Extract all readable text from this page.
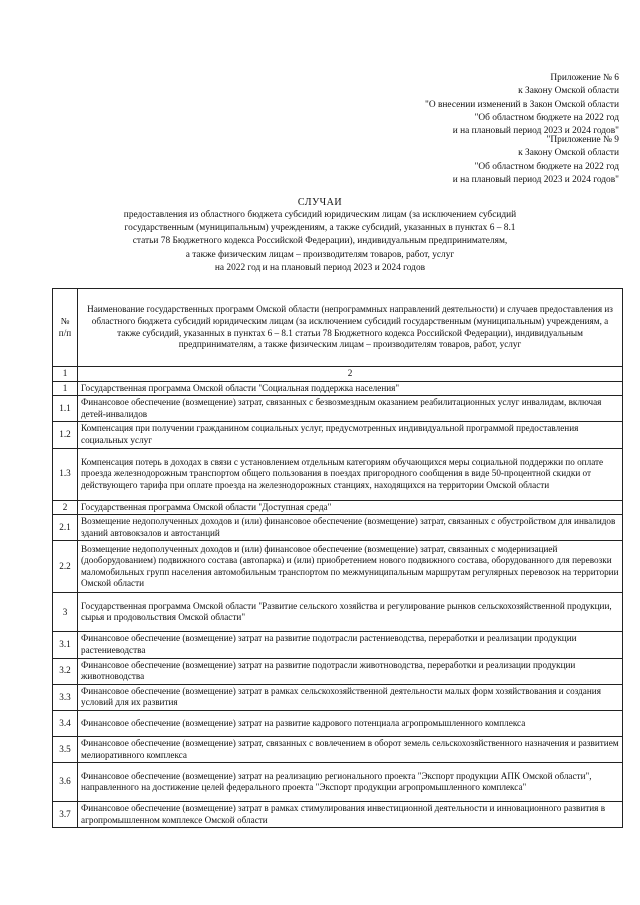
Приложение № 6
к Закону Омской области
"О внесении изменений в Закон Омской области
"Об областном бюджете на 2022 год
и на плановый период 2023 и 2024 годов"
"Приложение № 9
к Закону Омской области
"Об областном бюджете на 2022 год
и на плановый период 2023 и 2024 годов"
СЛУЧАИ
предоставления из областного бюджета субсидий юридическим лицам (за исключением субсидий
государственным (муниципальным) учреждениям, а также субсидий, указанных в пунктах 6 – 8.1
статьи 78 Бюджетного кодекса Российской Федерации), индивидуальным предпринимателям,
а также физическим лицам – производителям товаров, работ, услуг
на 2022 год и на плановый период 2023 и 2024 годов
№
п/п	Наименование государственных программ Омской области (непрограммных направлений деятельности) и случаев предоставления из областного бюджета субсидий юридическим лицам (за исключением субсидий государственным (муниципальным) учреждениям, а также субсидий, указанных в пунктах 6 – 8.1 статьи 78 Бюджетного кодекса Российской Федерации), индивидуальным предпринимателям, а также физическим лицам – производителям товаров, работ, услуг
1	2
1	Государственная программа Омской области "Социальная поддержка населения"
1.1	Финансовое обеспечение (возмещение) затрат, связанных с безвозмездным оказанием реабилитационных услуг инвалидам, включая детей-инвалидов
1.2	Компенсация при получении гражданином социальных услуг, предусмотренных индивидуальной программой предоставления социальных услуг
1.3	Компенсация потерь в доходах в связи с установлением отдельным категориям обучающихся меры социальной поддержки по оплате проезда железнодорожным транспортом общего пользования в поездах пригородного сообщения в виде 50-процентной скидки от действующего тарифа при оплате проезда на железнодорожных станциях, находящихся на территории Омской области
2	Государственная программа Омской области "Доступная среда"
2.1	Возмещение недополученных доходов и (или) финансовое обеспечение (возмещение) затрат, связанных с обустройством для инвалидов зданий автовокзалов и автостанций
2.2	Возмещение недополученных доходов и (или) финансовое обеспечение (возмещение) затрат, связанных с модернизацией (дооборудованием) подвижного состава (автопарка) и (или) приобретением нового подвижного состава, оборудованного для перевозки маломобильных групп населения автомобильным транспортом по межмуниципальным маршрутам регулярных перевозок на территории Омской области
3	Государственная программа Омской области "Развитие сельского хозяйства и регулирование рынков сельскохозяйственной продукции, сырья и продовольствия Омской области"
3.1	Финансовое обеспечение (возмещение) затрат на развитие подотрасли растениеводства, переработки и реализации продукции растениеводства
3.2	Финансовое обеспечение (возмещение) затрат на развитие подотрасли животноводства, переработки и реализации продукции животноводства
3.3	Финансовое обеспечение (возмещение) затрат в рамках сельскохозяйственной деятельности малых форм хозяйствования и создания условий для их развития
3.4	Финансовое обеспечение (возмещение) затрат на развитие кадрового потенциала агропромышленного комплекса
3.5	Финансовое обеспечение (возмещение) затрат, связанных с вовлечением в оборот земель сельскохозяйственного назначения и развитием мелиоративного комплекса
3.6	Финансовое обеспечение (возмещение) затрат на реализацию регионального проекта "Экспорт продукции АПК Омской области", направленного на достижение целей федерального проекта "Экспорт продукции агропромышленного комплекса"
3.7	Финансовое обеспечение (возмещение) затрат в рамках стимулирования инвестиционной деятельности и инновационного развития в агропромышленном комплексе Омской области
